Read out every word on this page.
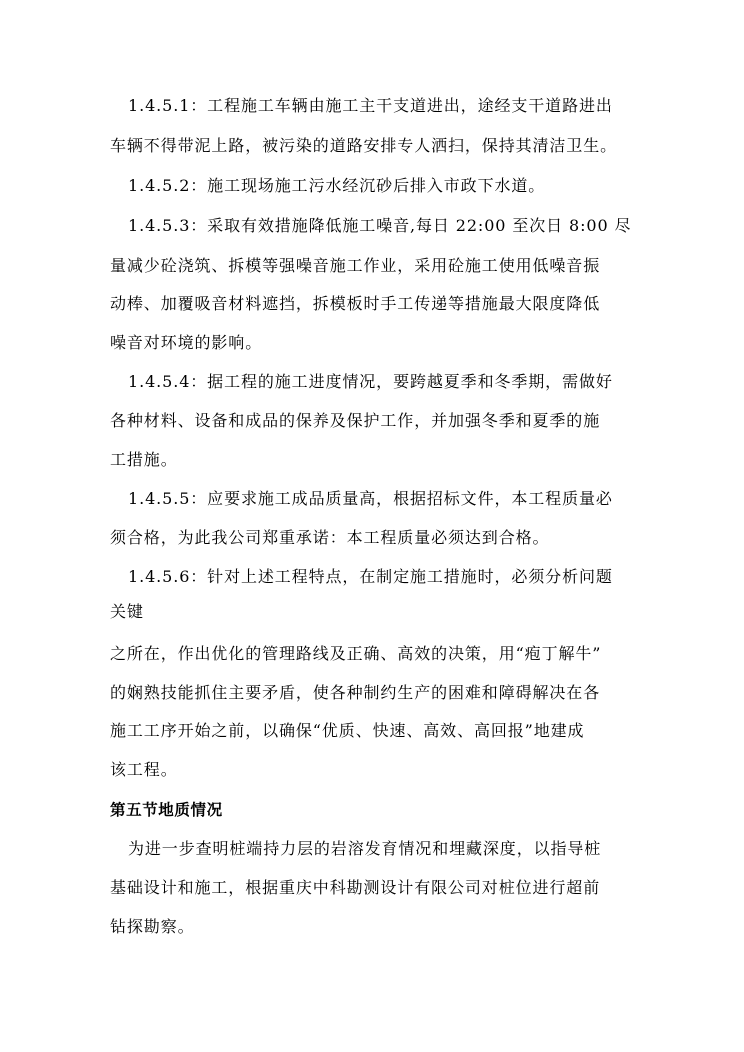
1.4.5.1：工程施工车辆由施工主干支道进出，途经支干道路进出
车辆不得带泥上路，被污染的道路安排专人洒扫，保持其清洁卫生。
1.4.5.2：施工现场施工污水经沉砂后排入市政下水道。
1.4.5.3：采取有效措施降低施工噪音,每日 22:00 至次日 8:00 尽
量减少砼浇筑、拆模等强噪音施工作业，采用砼施工使用低噪音振
动棒、加覆吸音材料遮挡，拆模板时手工传递等措施最大限度降低
噪音对环境的影响。
1.4.5.4：据工程的施工进度情况，要跨越夏季和冬季期，需做好
各种材料、设备和成品的保养及保护工作，并加强冬季和夏季的施
工措施。
1.4.5.5：应要求施工成品质量高，根据招标文件，本工程质量必
须合格，为此我公司郑重承诺：本工程质量必须达到合格。
1.4.5.6：针对上述工程特点，在制定施工措施时，必须分析问题
关键
之所在，作出优化的管理路线及正确、高效的决策，用“疱丁解牛”
的娴熟技能抓住主要矛盾，使各种制约生产的困难和障碍解决在各
施工工序开始之前，以确保“优质、快速、高效、高回报”地建成
该工程。
第五节地质情况
为进一步查明桩端持力层的岩溶发育情况和埋藏深度，以指导桩
基础设计和施工，根据重庆中科勘测设计有限公司对桩位进行超前
钻探勘察。
